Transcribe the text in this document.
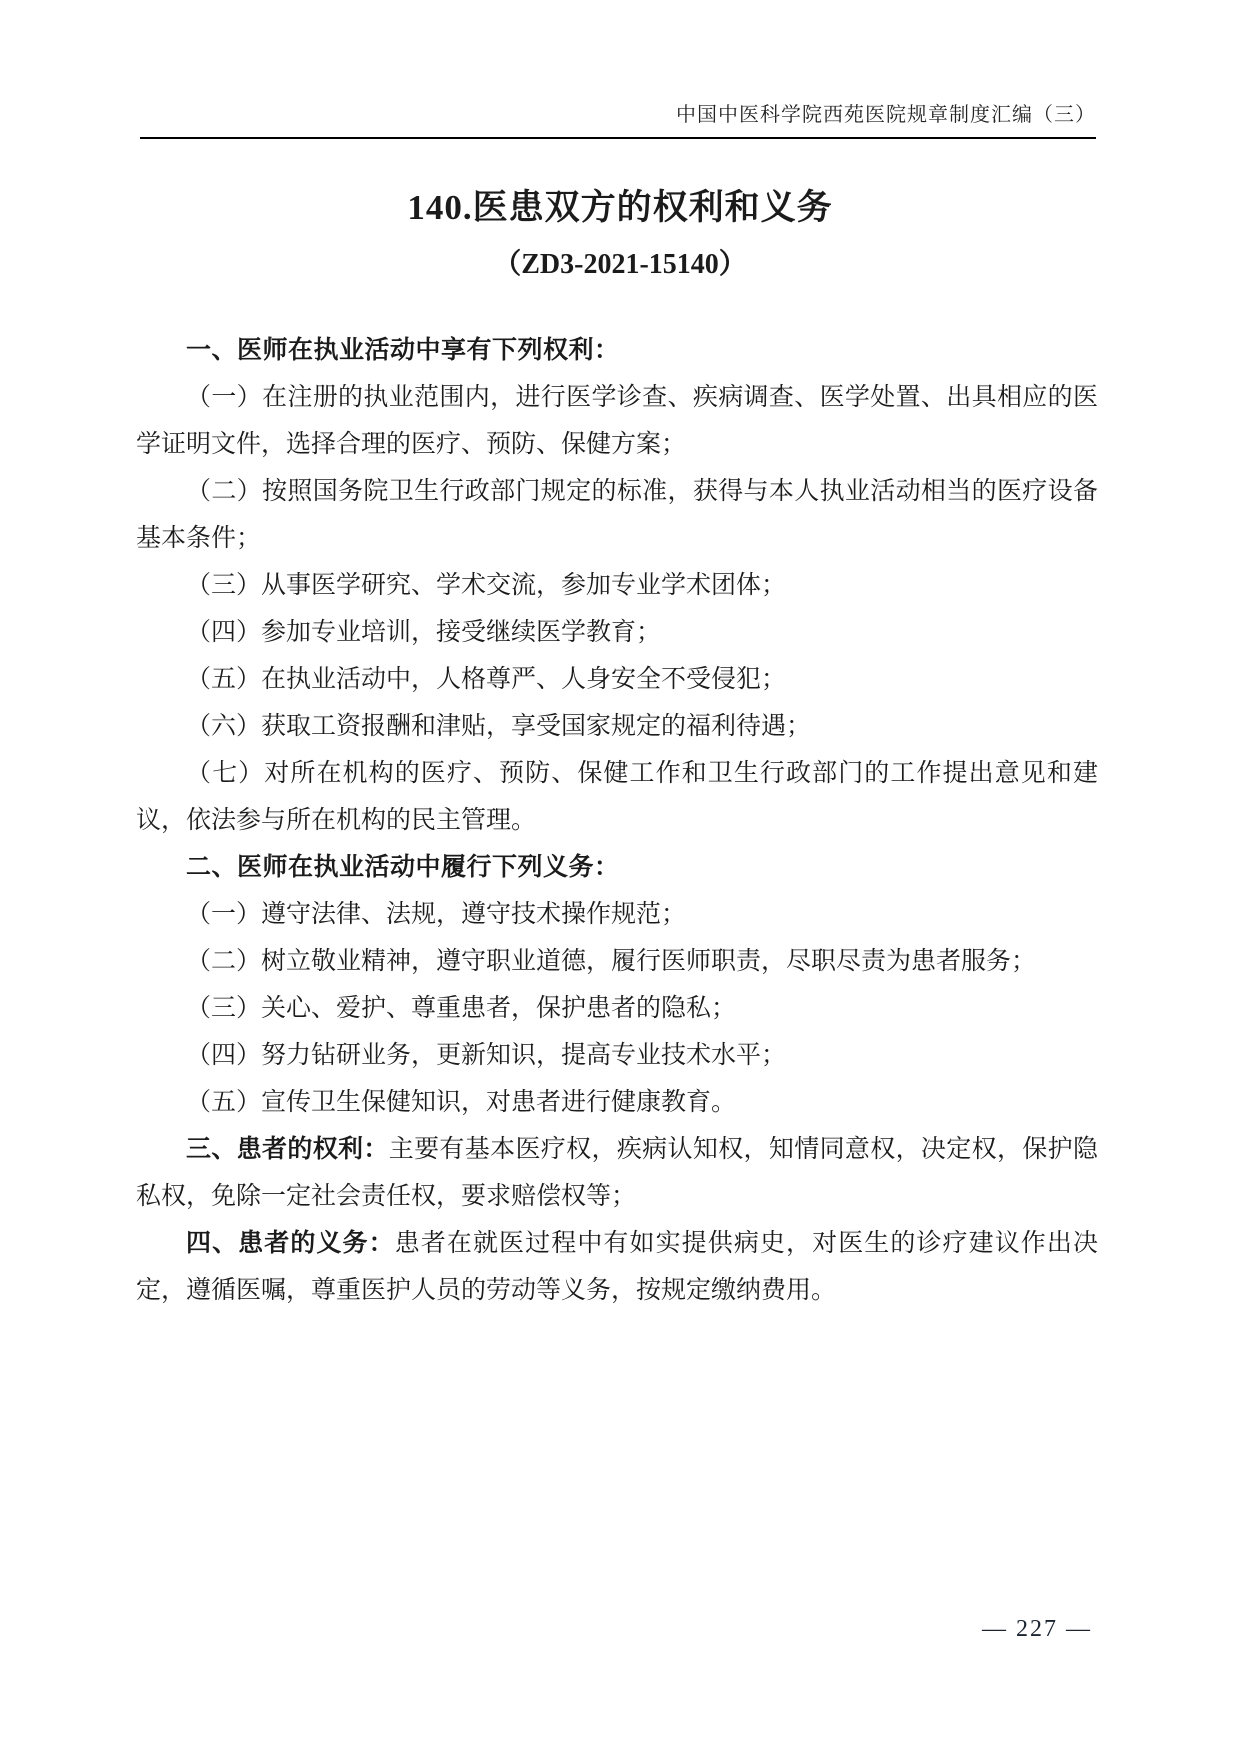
中国中医科学院西苑医院规章制度汇编（三）
140.医患双方的权利和义务
（ZD3-2021-15140）

一、医师在执业活动中享有下列权利：

（一）在注册的执业范围内，进行医学诊查、疾病调查、医学处置、出具相应的医学证明文件，选择合理的医疗、预防、保健方案；

（二）按照国务院卫生行政部门规定的标准，获得与本人执业活动相当的医疗设备基本条件；

（三）从事医学研究、学术交流，参加专业学术团体；

（四）参加专业培训，接受继续医学教育；

（五）在执业活动中，人格尊严、人身安全不受侵犯；

（六）获取工资报酬和津贴，享受国家规定的福利待遇；

（七）对所在机构的医疗、预防、保健工作和卫生行政部门的工作提出意见和建议，依法参与所在机构的民主管理。

二、医师在执业活动中履行下列义务：

（一）遵守法律、法规，遵守技术操作规范；

（二）树立敬业精神，遵守职业道德，履行医师职责，尽职尽责为患者服务；

（三）关心、爱护、尊重患者，保护患者的隐私；

（四）努力钻研业务，更新知识，提高专业技术水平；

（五）宣传卫生保健知识，对患者进行健康教育。

三、患者的权利：主要有基本医疗权，疾病认知权，知情同意权，决定权，保护隐私权，免除一定社会责任权，要求赔偿权等；

四、患者的义务：患者在就医过程中有如实提供病史，对医生的诊疗建议作出决定，遵循医嘱，尊重医护人员的劳动等义务，按规定缴纳费用。

— 227 —
